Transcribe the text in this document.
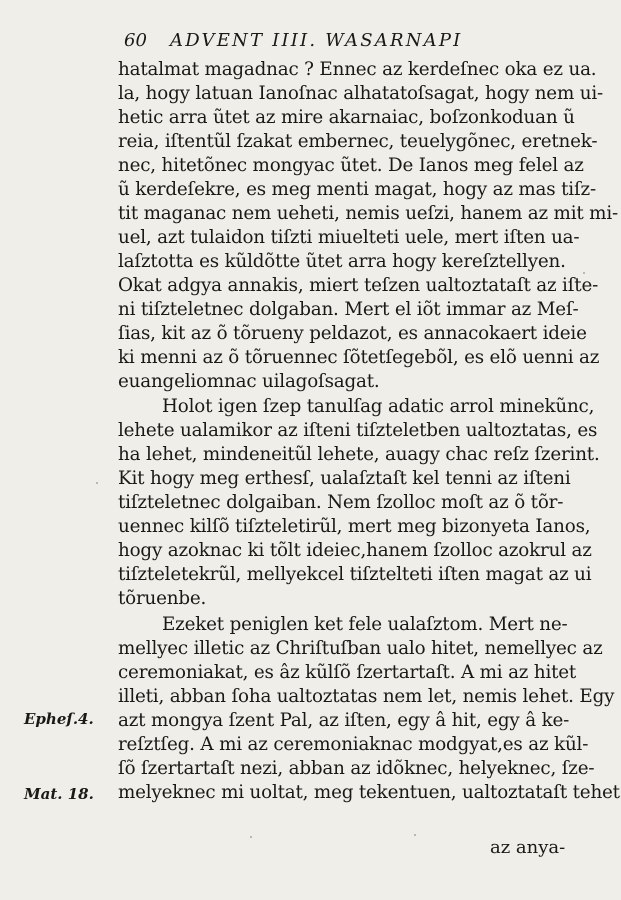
60 ADVENT IIII. WASARNAPI

hatalmat magadnac ? Ennec az kerdeſnec oka ez ua.

la, hogy latuan Ianoſnac alhatatoſsagat, hogy nem ui-

hetic arra ũtet az mire akarnaiac, boſzonkoduan ũ

reia, iſtentũl ſzakat embernec, teuelygõnec, eretnek-

nec, hitetõnec mongyac ũtet. De Ianos meg felel az

ũ kerdeſekre, es meg menti magat, hogy az mas tiſz-

tit maganac nem ueheti, nemis ueſzi, hanem az mit mi-

uel, azt tulaidon tiſzti miuelteti uele, mert iſten ua-

laſztotta es kũldõtte ũtet arra hogy kereſztellyen.

Okat adgya annakis, miert teſzen ualtoztataſt az iſte-

ni tiſzteletnec dolgaban. Mert el iõt immar az Meſ-

ſias, kit az õ tõrueny peldazot, es annacokaert ideie

ki menni az õ tõruennec ſõtetſegebõl, es elõ uenni az

euangeliomnac uilagoſsagat.

Holot igen ſzep tanulſag adatic arrol minekũnc,

lehete ualamikor az iſteni tiſzteletben ualtoztatas, es

ha lehet, mindeneitũl lehete, auagy chac reſz ſzerint.

Kit hogy meg erthesſ, ualaſztaſt kel tenni az iſteni

tiſzteletnec dolgaiban. Nem ſzolloc moſt az õ tõr-

uennec kilſõ tiſzteletirũl, mert meg bizonyeta Ianos,

hogy azoknac ki tõlt ideiec,hanem ſzolloc azokrul az

tiſzteletekrũl, mellyekcel tiſztelteti iſten magat az ui

tõruenbe.

Ezeket peniglen ket fele ualaſztom. Mert ne-

mellyec illetic az Chriſtuſban ualo hitet, nemellyec az

ceremoniakat, es âz kũlſõ ſzertartaſt. A mi az hitet

illeti, abban ſoha ualtoztatas nem let, nemis lehet. Egy

azt mongya ſzent Pal, az iſten, egy â hit, egy â ke-

reſztſeg. A mi az ceremoniaknac modgyat,es az kũl-

ſõ ſzertartaſt nezi, abban az idõknec, helyeknec, ſze-

melyeknec mi uoltat, meg tekentuen, ualtoztataſt tehet

Epheſ.4.
Mat. 18.
az anya-
